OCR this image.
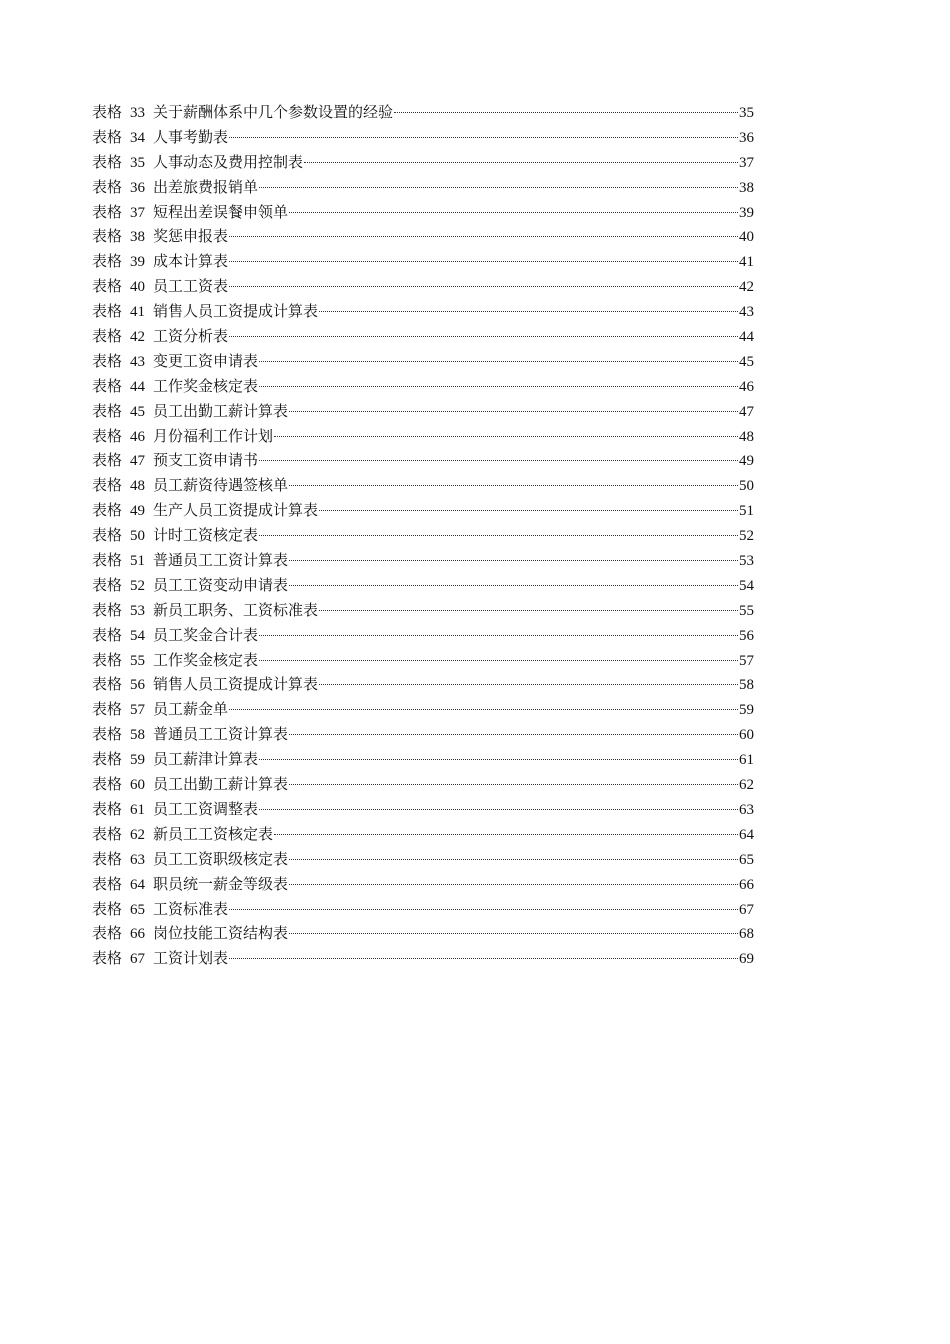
表格 33 关于薪酬体系中几个参数设置的经验	35
表格 34 人事考勤表	36
表格 35 人事动态及费用控制表	37
表格 36 出差旅费报销单	38
表格 37 短程出差误餐申领单	39
表格 38 奖惩申报表	40
表格 39 成本计算表	41
表格 40 员工工资表	42
表格 41 销售人员工资提成计算表	43
表格 42 工资分析表	44
表格 43 变更工资申请表	45
表格 44 工作奖金核定表	46
表格 45 员工出勤工薪计算表	47
表格 46 月份福利工作计划	48
表格 47 预支工资申请书	49
表格 48 员工薪资待遇签核单	50
表格 49 生产人员工资提成计算表	51
表格 50 计时工资核定表	52
表格 51 普通员工工资计算表	53
表格 52 员工工资变动申请表	54
表格 53 新员工职务、工资标准表	55
表格 54 员工奖金合计表	56
表格 55 工作奖金核定表	57
表格 56 销售人员工资提成计算表	58
表格 57 员工薪金单	59
表格 58 普通员工工资计算表	60
表格 59 员工薪津计算表	61
表格 60 员工出勤工薪计算表	62
表格 61 员工工资调整表	63
表格 62 新员工工资核定表	64
表格 63 员工工资职级核定表	65
表格 64 职员统一薪金等级表	66
表格 65 工资标准表	67
表格 66 岗位技能工资结构表	68
表格 67 工资计划表	69
